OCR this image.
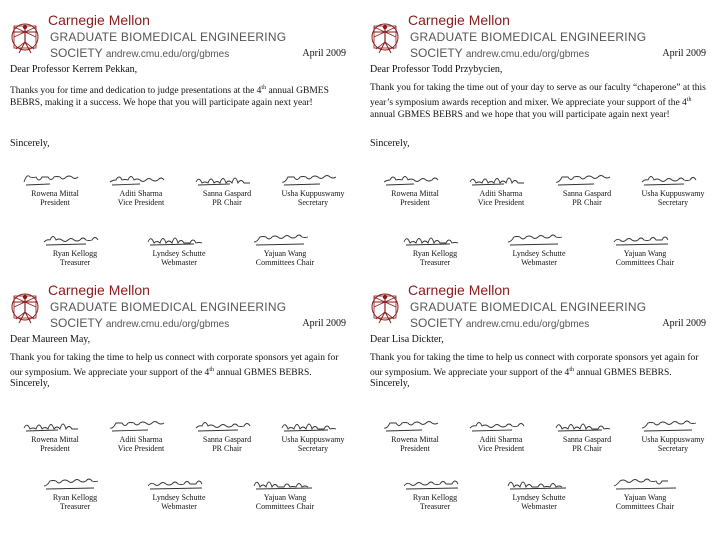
Carnegie Mellon
GRADUATE BIOMEDICAL ENGINEERING
SOCIETY andrew.cmu.edu/org/gbmes	April 2009
Dear Professor Kerrem Pekkan,
Thanks you for time and dedication to judge presentations at the 4th annual GBMES BEBRS, making it a success. We hope that you will participate again next year!
Sincerely,
Rowena Mittal
President
Aditi Sharma
Vice President
Sanna Gaspard
PR Chair
Usha Kuppuswamy
Secretary
Ryan Kellogg
Treasurer
Lyndsey Schutte
Webmaster
Yajuan Wang
Committees Chair
Carnegie Mellon
GRADUATE BIOMEDICAL ENGINEERING
SOCIETY andrew.cmu.edu/org/gbmes	April 2009
Dear Professor Todd Przybycien,
Thank you for taking the time out of your day to serve as our faculty “chaperone” at this year’s symposium awards reception and mixer. We appreciate your support of the 4th annual GBMES BEBRS and we hope that you will participate again next year!
Sincerely,
Rowena Mittal
President
Aditi Sharma
Vice President
Sanna Gaspard
PR Chair
Usha Kuppuswamy
Secretary
Ryan Kellogg
Treasurer
Lyndsey Schutte
Webmaster
Yajuan Wang
Committees Chair
Carnegie Mellon
GRADUATE BIOMEDICAL ENGINEERING
SOCIETY andrew.cmu.edu/org/gbmes	April 2009
Dear Maureen May,
Thank you for taking the time to help us connect with corporate sponsors yet again for our symposium. We appreciate your support of the 4th annual GBMES BEBRS.
Sincerely,
Rowena Mittal
President
Aditi Sharma
Vice President
Sanna Gaspard
PR Chair
Usha Kuppuswamy
Secretary
Ryan Kellogg
Treasurer
Lyndsey Schutte
Webmaster
Yajuan Wang
Committees Chair
Carnegie Mellon
GRADUATE BIOMEDICAL ENGINEERING
SOCIETY andrew.cmu.edu/org/gbmes	April 2009
Dear Lisa Dickter,
Thank you for taking the time to help us connect with corporate sponsors yet again for our symposium. We appreciate your support of the 4th annual GBMES BEBRS.
Sincerely,
Rowena Mittal
President
Aditi Sharma
Vice President
Sanna Gaspard
PR Chair
Usha Kuppuswamy
Secretary
Ryan Kellogg
Treasurer
Lyndsey Schutte
Webmaster
Yajuan Wang
Committees Chair
